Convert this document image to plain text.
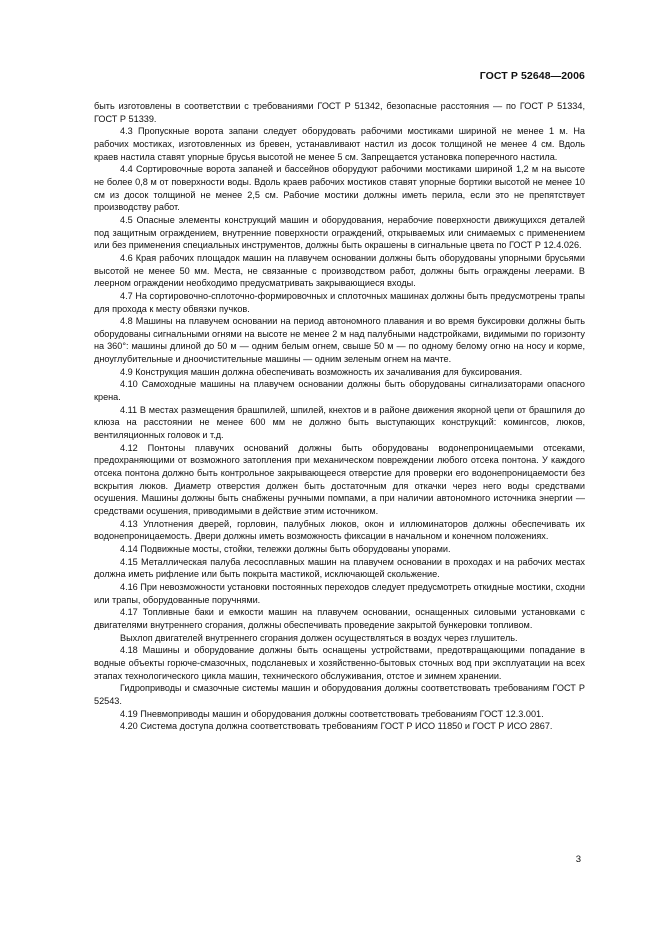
ГОСТ Р 52648—2006

быть изготовлены в соответствии с требованиями ГОСТ Р 51342, безопасные расстояния — по ГОСТ Р 51334, ГОСТ Р 51339.

4.3 Пропускные ворота запани следует оборудовать рабочими мостиками шириной не менее 1 м. На рабочих мостиках, изготовленных из бревен, устанавливают настил из досок толщиной не менее 4 см. Вдоль краев настила ставят упорные брусья высотой не менее 5 см. Запрещается установка поперечного настила.

4.4 Сортировочные ворота запаней и бассейнов оборудуют рабочими мостиками шириной 1,2 м на высоте не более 0,8 м от поверхности воды. Вдоль краев рабочих мостиков ставят упорные бортики высотой не менее 10 см из досок толщиной не менее 2,5 см. Рабочие мостики должны иметь перила, если это не препятствует производству работ.

4.5 Опасные элементы конструкций машин и оборудования, нерабочие поверхности движущихся деталей под защитным ограждением, внутренние поверхности ограждений, открываемых или снимаемых с применением или без применения специальных инструментов, должны быть окрашены в сигнальные цвета по ГОСТ Р 12.4.026.

4.6 Края рабочих площадок машин на плавучем основании должны быть оборудованы упорными брусьями высотой не менее 50 мм. Места, не связанные с производством работ, должны быть ограждены леерами. В леерном ограждении необходимо предусматривать закрывающиеся входы.

4.7 На сортировочно-сплоточно-формировочных и сплоточных машинах должны быть предусмотрены трапы для прохода к месту обвязки пучков.

4.8 Машины на плавучем основании на период автономного плавания и во время буксировки должны быть оборудованы сигнальными огнями на высоте не менее 2 м над палубными надстройками, видимыми по горизонту на 360°: машины длиной до 50 м — одним белым огнем, свыше 50 м — по одному белому огню на носу и корме, дноуглубительные и дноочистительные машины — одним зеленым огнем на мачте.

4.9 Конструкция машин должна обеспечивать возможность их зачаливания для буксирования.

4.10 Самоходные машины на плавучем основании должны быть оборудованы сигнализаторами опасного крена.

4.11 В местах размещения брашпилей, шпилей, кнехтов и в районе движения якорной цепи от брашпиля до клюза на расстоянии не менее 600 мм не должно быть выступающих конструкций: комингсов, люков, вентиляционных головок и т.д.

4.12 Понтоны плавучих оснований должны быть оборудованы водонепроницаемыми отсеками, предохраняющими от возможного затопления при механическом повреждении любого отсека понтона. У каждого отсека понтона должно быть контрольное закрывающееся отверстие для проверки его водонепроницаемости без вскрытия люков. Диаметр отверстия должен быть достаточным для откачки через него воды средствами осушения. Машины должны быть снабжены ручными помпами, а при наличии автономного источника энергии — средствами осушения, приводимыми в действие этим источником.

4.13 Уплотнения дверей, горловин, палубных люков, окон и иллюминаторов должны обеспечивать их водонепроницаемость. Двери должны иметь возможность фиксации в начальном и конечном положениях.

4.14 Подвижные мосты, стойки, тележки должны быть оборудованы упорами.

4.15 Металлическая палуба лесосплавных машин на плавучем основании в проходах и на рабочих местах должна иметь рифление или быть покрыта мастикой, исключающей скольжение.

4.16 При невозможности установки постоянных переходов следует предусмотреть откидные мостики, сходни или трапы, оборудованные поручнями.

4.17 Топливные баки и емкости машин на плавучем основании, оснащенных силовыми установками с двигателями внутреннего сгорания, должны обеспечивать проведение закрытой бункеровки топливом.

Выхлоп двигателей внутреннего сгорания должен осуществляться в воздух через глушитель.

4.18 Машины и оборудование должны быть оснащены устройствами, предотвращающими попадание в водные объекты горюче-смазочных, подсланевых и хозяйственно-бытовых сточных вод при эксплуатации на всех этапах технологического цикла машин, технического обслуживания, отстое и зимнем хранении.

Гидроприводы и смазочные системы машин и оборудования должны соответствовать требованиям ГОСТ Р 52543.

4.19 Пневмоприводы машин и оборудования должны соответствовать требованиям ГОСТ 12.3.001.

4.20 Система доступа должна соответствовать требованиям ГОСТ Р ИСО 11850 и ГОСТ Р ИСО 2867.

3
